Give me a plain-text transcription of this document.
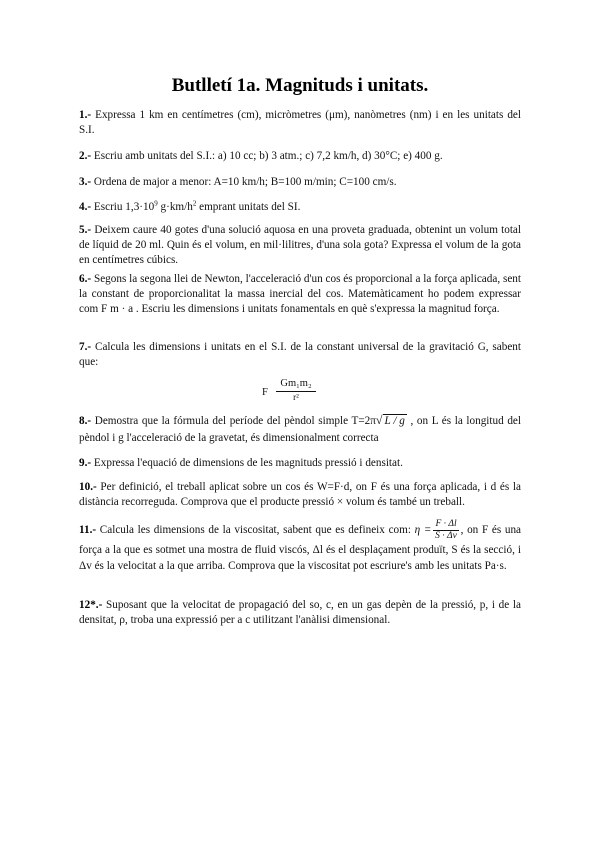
Butlletí 1a. Magnituds i unitats.

1.- Expressa 1 km en centímetres (cm), micròmetres (μm), nanòmetres (nm) i en les unitats del S.I.

2.- Escriu amb unitats del S.I.: a) 10 cc; b) 3 atm.; c) 7,2 km/h, d) 30°C; e) 400 g.

3.- Ordena de major a menor: A=10 km/h; B=100 m/min; C=100 cm/s.

4.- Escriu $1,3\cdot 10^9$ $g\cdot km/h^2$ emprant unitats del SI.

5.- Deixem caure 40 gotes d'una solució aquosa en una proveta graduada, obtenint un volum total de líquid de 20 ml. Quin és el volum, en mil·lilitres, d'una sola gota? Expressa el volum de la gota en centímetres cúbics.

6.- Segons la segona llei de Newton, l'acceleració d'un cos és proporcional a la força aplicada, sent la constant de proporcionalitat la massa inercial del cos. Matemàticament ho podem expressar com F m · a . Escriu les dimensions i unitats fonamentals en què s'expressa la magnitud força.

7.- Calcula les dimensions i unitats en el S.I. de la constant universal de la gravitació G, sabent que:

F $\frac{\text{Gm₁m₂}}{\text{r²}}$

8.- Demostra que la fórmula del període del pèndol simple T=2π√ L / g , on L és la longitud del pèndol i g l'acceleració de la gravetat, és dimensionalment correcta

9.- Expressa l'equació de dimensions de les magnituds pressió i densitat.

10.- Per definició, el treball aplicat sobre un cos és W=F·d, on F és una força aplicada, i d és la distància recorreguda. Comprova que el producte pressió × volum és també un treball.

11.- Calcula les dimensions de la viscositat, sabent que es defineix com: $\eta = \frac{F \cdot \Delta l}{S \cdot \Delta v}$ , on F és una força a la que es sotmet una mostra de fluid viscós, Δl és el desplaçament produït, S és la secció, i Δv és la velocitat a la que arriba. Comprova que la viscositat pot escriure's amb les unitats Pa·s.

12*.- Suposant que la velocitat de propagació del so, c, en un gas depèn de la pressió, p, i de la densitat, ρ, troba una expressió per a c utilitzant l'anàlisi dimensional.
